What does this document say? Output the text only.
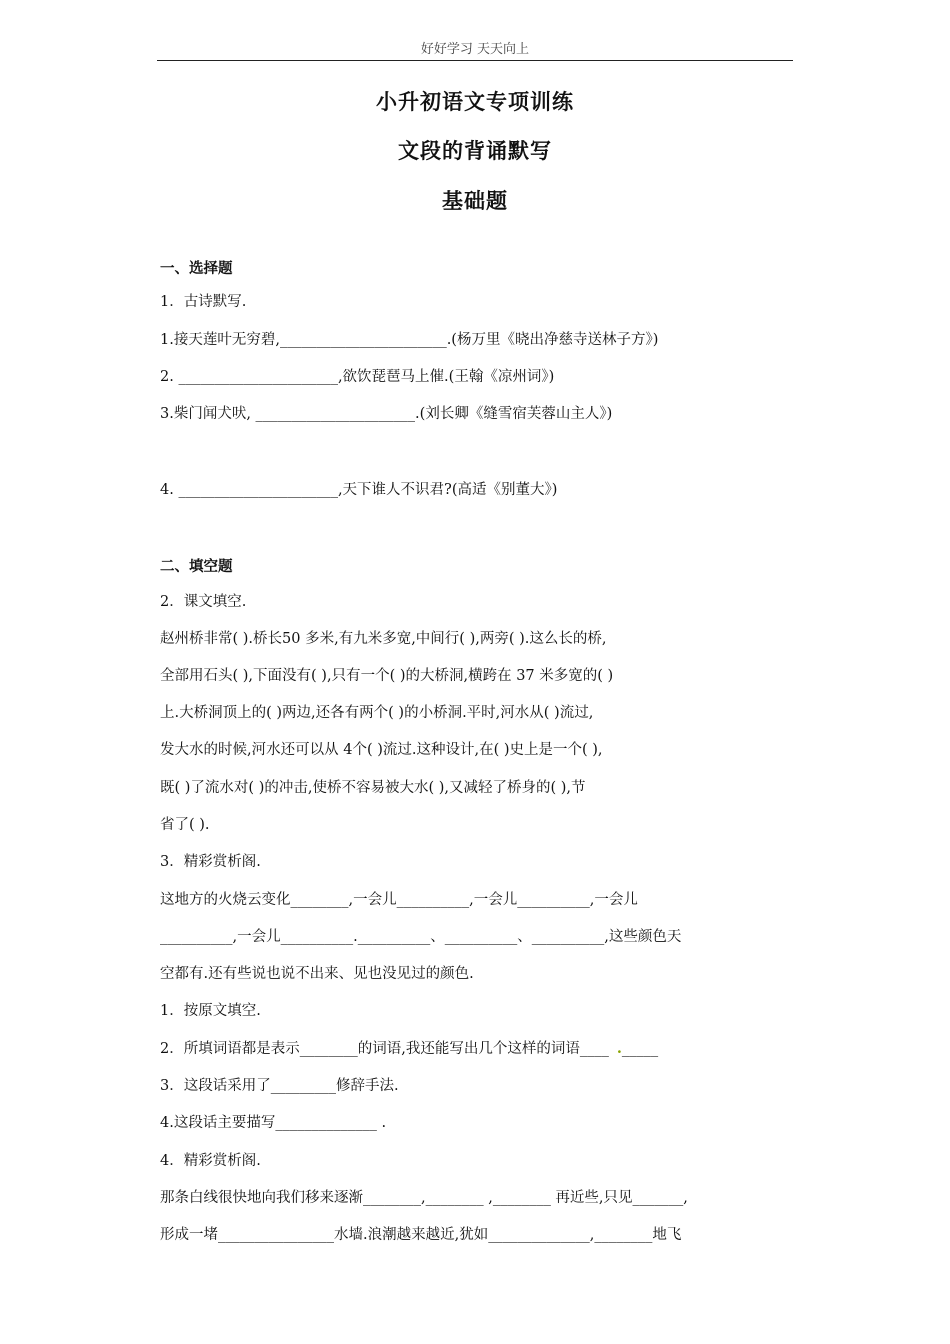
好好学习 天天向上
小升初语文专项训练
文段的背诵默写
基础题
一、选择题
1．古诗默写.
1.接天莲叶无穷碧,_______________________.(杨万里《晓出净慈寺送林子方》)
2. ______________________,欲饮琵琶马上催.(王翰《凉州词》)
3.柴门闻犬吠, ______________________.(刘长卿《缝雪宿芙蓉山主人》)
4. ______________________,天下谁人不识君?(高适《别董大》)
二、填空题
2．课文填空.
赵州桥非常( ).桥长50 多米,有九米多宽,中间行( ),两旁( ).这么长的桥,
全部用石头( ),下面没有( ),只有一个( )的大桥洞,横跨在 37 米多宽的( )
上.大桥洞顶上的( )两边,还各有两个( )的小桥洞.平时,河水从( )流过,
发大水的时候,河水还可以从 4个( )流过.这种设计,在( )史上是一个( ),
既( )了流水对( )的冲击,使桥不容易被大水( ),又减轻了桥身的( ),节
省了( ).
3．精彩赏析阁.
这地方的火烧云变化________,一会儿__________,一会儿__________,一会儿
__________,一会儿__________.__________、__________、__________,这些颜色天
空都有.还有些说也说不出来、见也没见过的颜色.
1．按原文填空.
2．所填词语都是表示________的词语,我还能写出几个这样的词语____ ._____
3．这段话采用了_________修辞手法.
4.这段话主要描写______________ .
4．精彩赏析阁.
那条白线很快地向我们移来逐渐________,________ ,________ 再近些,只见_______,
形成一堵________________水墙.浪潮越来越近,犹如______________,________地飞
